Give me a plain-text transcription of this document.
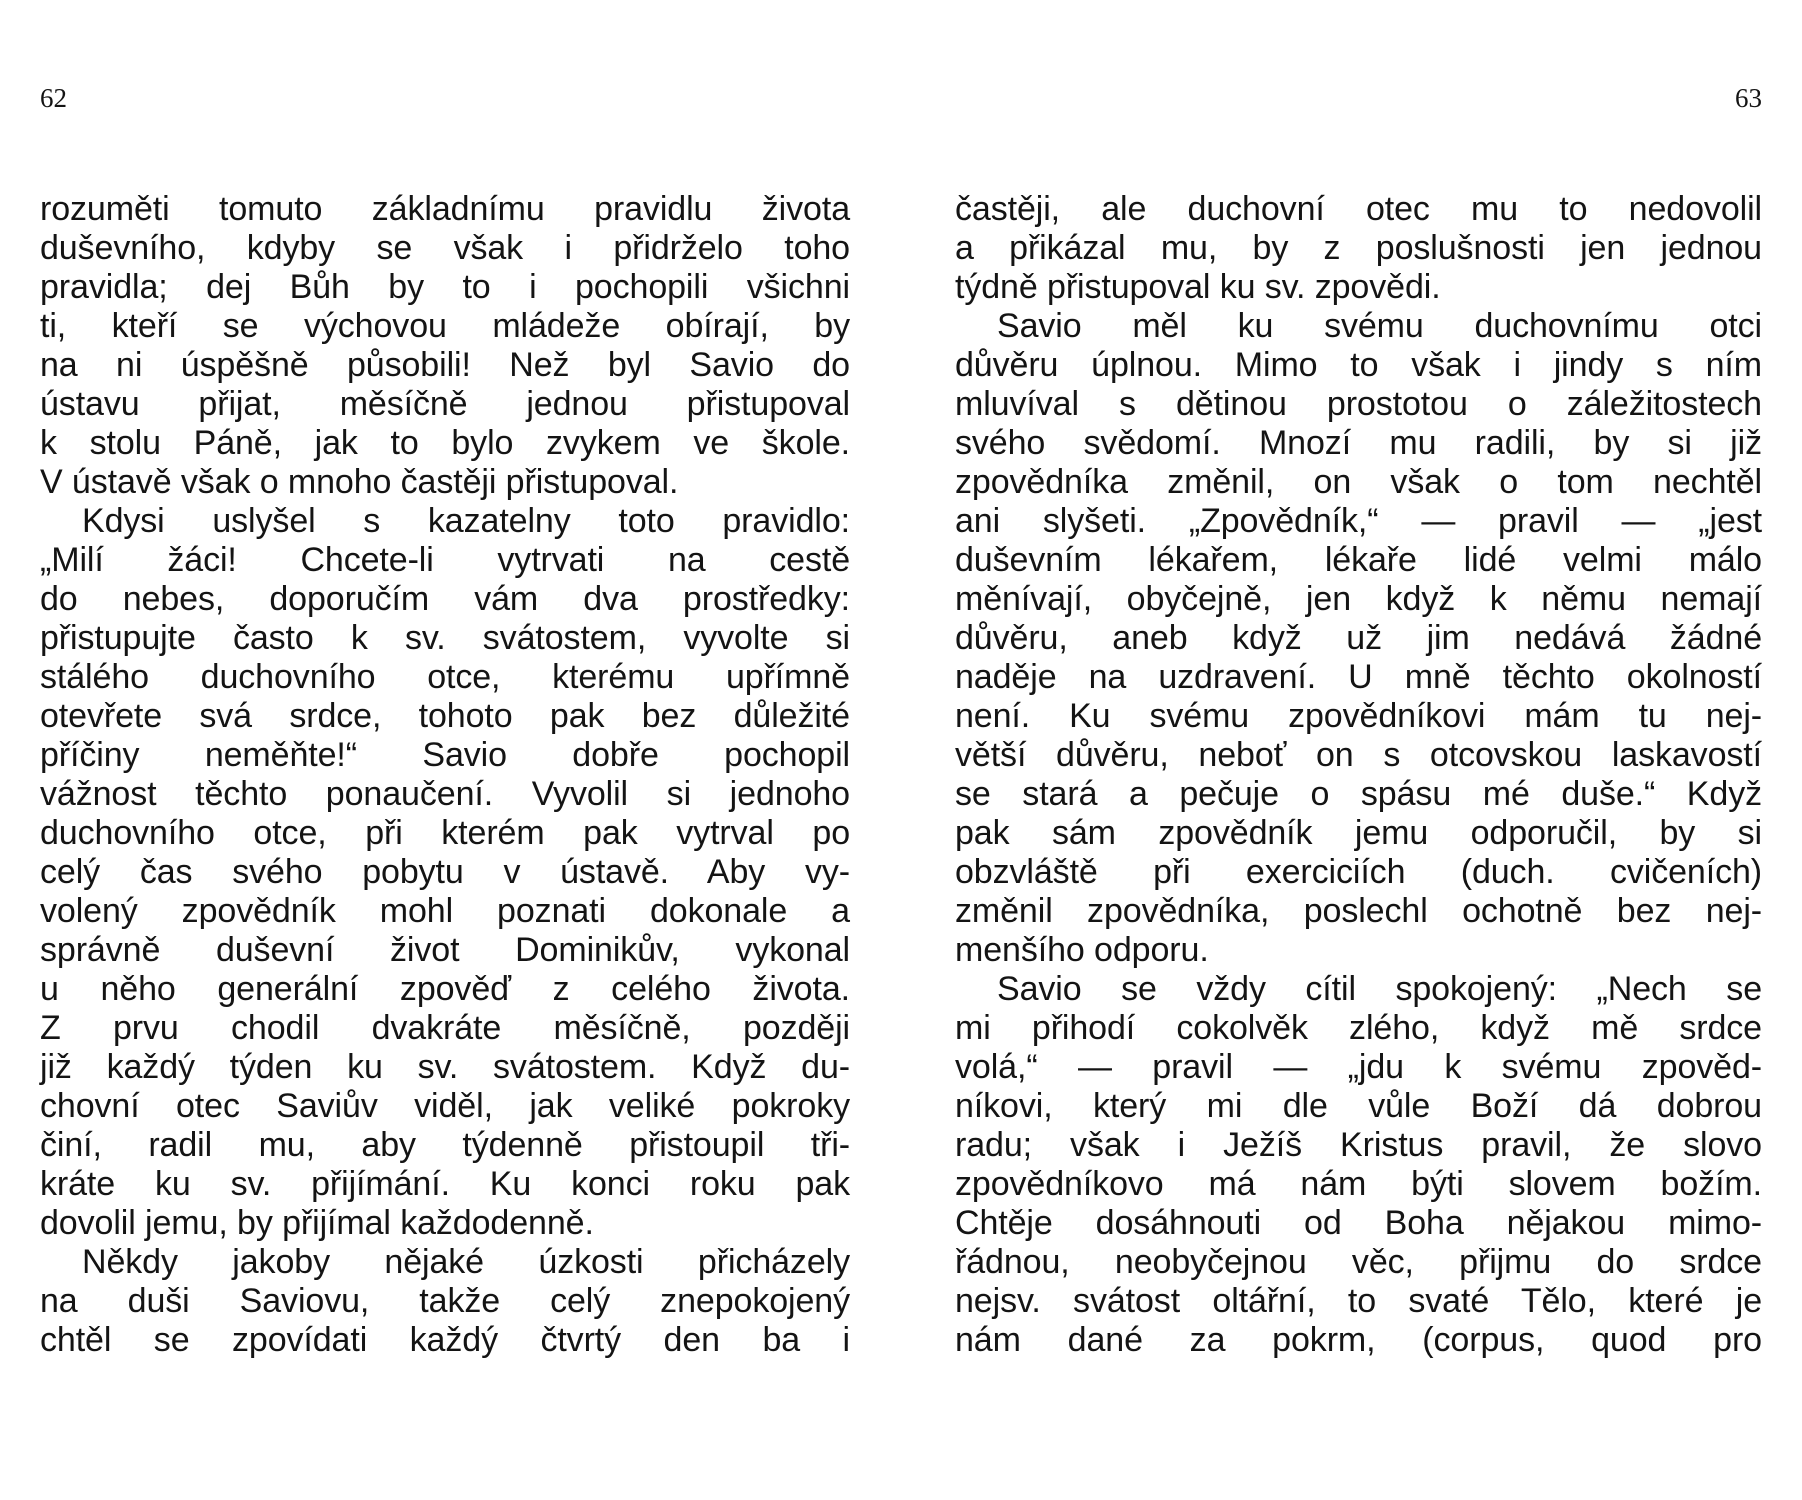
62
rozuměti tomuto základnímu pravidlu života
duševního, kdyby se však i přidrželo toho
pravidla; dej Bůh by to i pochopili všichni
ti, kteří se výchovou mládeže obírají, by
na ni úspěšně působili! Než byl Savio do
ústavu přijat, měsíčně jednou přistupoval
k stolu Páně, jak to bylo zvykem ve škole.
V ústavě však o mnoho častěji přistupoval.
Kdysi uslyšel s kazatelny toto pravidlo:
„Milí žáci! Chcete-li vytrvati na cestě
do nebes, doporučím vám dva prostředky:
přistupujte často k sv. svátostem, vyvolte si
stálého duchovního otce, kterému upřímně
otevřete svá srdce, tohoto pak bez důležité
příčiny neměňte!“ Savio dobře pochopil
vážnost těchto ponaučení. Vyvolil si jednoho
duchovního otce, při kterém pak vytrval po
celý čas svého pobytu v ústavě. Aby vy-
volený zpovědník mohl poznati dokonale a
správně duševní život Dominikův, vykonal
u něho generální zpověď z celého života.
Z prvu chodil dvakráte měsíčně, později
již každý týden ku sv. svátostem. Když du-
chovní otec Saviův viděl, jak veliké pokroky
činí, radil mu, aby týdenně přistoupil tři-
kráte ku sv. přijímání. Ku konci roku pak
dovolil jemu, by přijímal každodenně.
Někdy jakoby nějaké úzkosti přicházely
na duši Saviovu, takže celý znepokojený
chtěl se zpovídati každý čtvrtý den ba i
63
častěji, ale duchovní otec mu to nedovolil
a přikázal mu, by z poslušnosti jen jednou
týdně přistupoval ku sv. zpovědi.
Savio měl ku svému duchovnímu otci
důvěru úplnou. Mimo to však i jindy s ním
mluvíval s dětinou prostotou o záležitostech
svého svědomí. Mnozí mu radili, by si již
zpovědníka změnil, on však o tom nechtěl
ani slyšeti. „Zpovědník,“ — pravil — „jest
duševním lékařem, lékaře lidé velmi málo
měnívají, obyčejně, jen když k němu nemají
důvěru, aneb když už jim nedává žádné
naděje na uzdravení. U mně těchto okolností
není. Ku svému zpovědníkovi mám tu nej-
větší důvěru, neboť on s otcovskou laskavostí
se stará a pečuje o spásu mé duše.“ Když
pak sám zpovědník jemu odporučil, by si
obzvláště při exerciciích (duch. cvičeních)
změnil zpovědníka, poslechl ochotně bez nej-
menšího odporu.
Savio se vždy cítil spokojený: „Nech se
mi přihodí cokolvěk zlého, když mě srdce
volá,“ — pravil — „jdu k svému zpověd-
níkovi, který mi dle vůle Boží dá dobrou
radu; však i Ježíš Kristus pravil, že slovo
zpovědníkovo má nám býti slovem božím.
Chtěje dosáhnouti od Boha nějakou mimo-
řádnou, neobyčejnou věc, přijmu do srdce
nejsv. svátost oltářní, to svaté Tělo, které je
nám dané za pokrm, (corpus, quod pro
